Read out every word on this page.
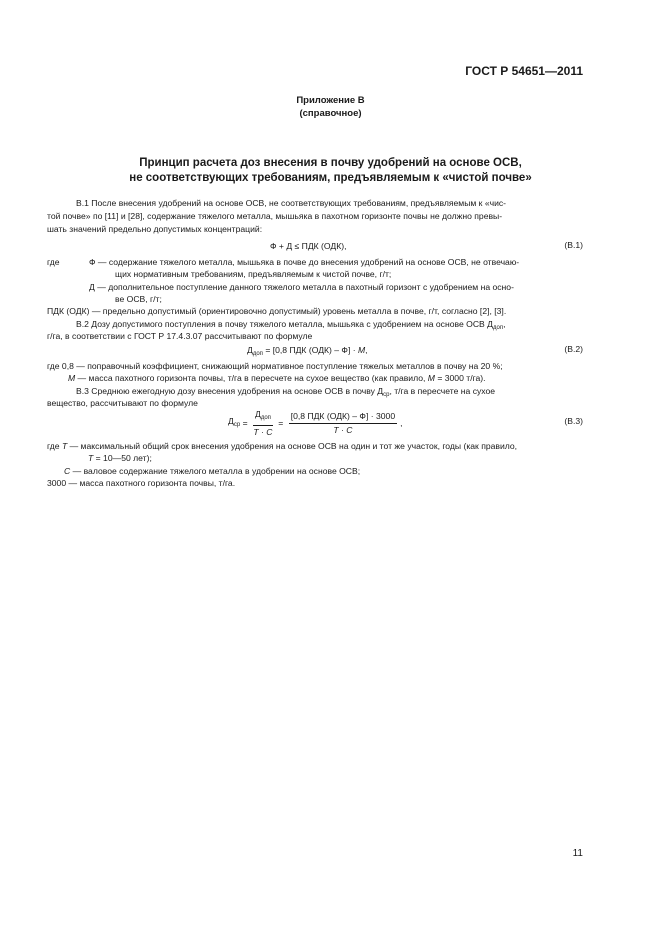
ГОСТ Р 54651—2011
Приложение В
(справочное)
Принцип расчета доз внесения в почву удобрений на основе ОСВ,
не соответствующих требованиям, предъявляемым к «чистой почве»
В.1 После внесения удобрений на основе ОСВ, не соответствующих требованиям, предъявляемым к «чис-
той почве» по [11] и [28], содержание тяжелого металла, мышьяка в пахотном горизонте почвы не должно превы-
шать значений предельно допустимых концентраций:
Ф + Д ≤ ПДК (ОДК),	(В.1)
где	Ф — содержание тяжелого металла, мышьяка в почве до внесения удобрений на основе ОСВ, не отвечаю-
щих нормативным требованиям, предъявляемым к чистой почве, г/т;
Д — дополнительное поступление данного тяжелого металла в пахотный горизонт с удобрением на осно-
ве ОСВ, г/т;
ПДК (ОДК) — предельно допустимый (ориентировочно допустимый) уровень металла в почве, г/т, согласно [2], [3].
В.2 Дозу допустимого поступления в почву тяжелого металла, мышьяка с удобрением на основе ОСВ $Д_{доп}$,
г/га, в соответствии с ГОСТ Р 17.4.3.07 рассчитывают по формуле
$Д_{доп} = [0,8$ ПДК (ОДК) – Ф] · М,	(В.2)
где 0,8 — поправочный коэффициент, снижающий нормативное поступление тяжелых металлов в почву на 20 %;
М — масса пахотного горизонта почвы, т/га в пересчете на сухое вещество (как правило, М = 3000 т/га).
В.3 Среднюю ежегодную дозу внесения удобрения на основе ОСВ в почву $Д_{ср}$, т/га в пересчете на сухое
вещество, рассчитывают по формуле
$Д_{ср} = \frac{Д_{доп}}{T \cdot C} = \frac{\text{[0,8 ПДК (ОДК) – Ф] · 3000}}{T \cdot C}$ ,	(В.3)
где T — максимальный общий срок внесения удобрения на основе ОСВ на один и тот же участок, годы (как правило,
T = 10—50 лет);
C — валовое содержание тяжелого металла в удобрении на основе ОСВ;
3000 — масса пахотного горизонта почвы, т/га.
11
